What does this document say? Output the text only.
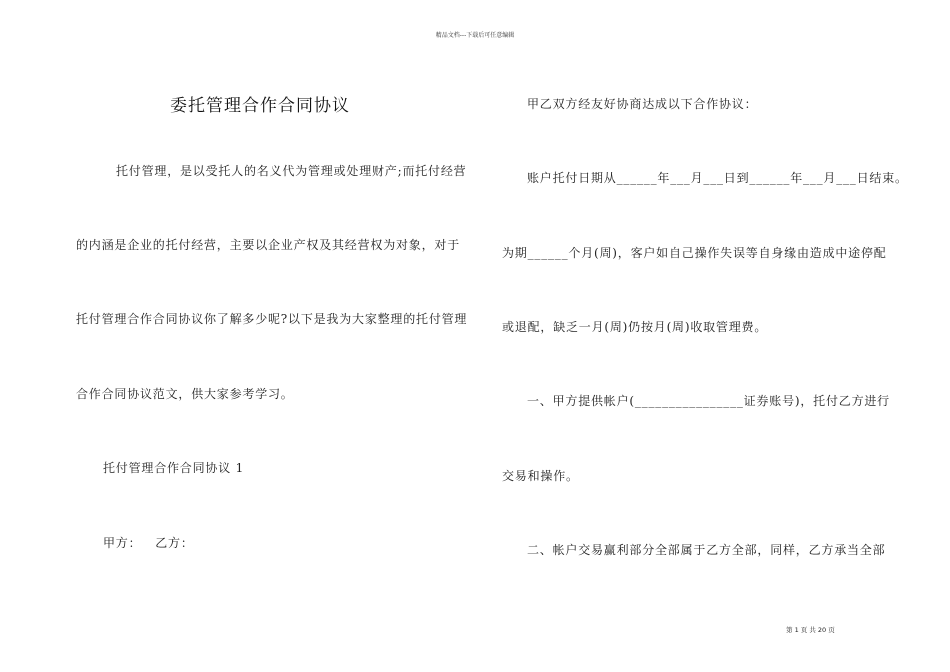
精品文档---下载后可任意编辑
委托管理合作合同协议
托付管理，是以受托人的名义代为管理或处理财产;而托付经营
的内涵是企业的托付经营，主要以企业产权及其经营权为对象，对于
托付管理合作合同协议你了解多少呢?以下是我为大家整理的托付管理
合作合同协议范文，供大家参考学习。
托付管理合作合同协议 1
甲方：   乙方：
甲乙双方经友好协商达成以下合作协议：
账户托付日期从______年___月___日到______年___月___日结束。
为期______个月(周)，客户如自己操作失误等自身缘由造成中途停配
或退配，缺乏一月(周)仍按月(周)收取管理费。
一、甲方提供帐户(________________证券账号)，托付乙方进行
交易和操作。
二、帐户交易赢利部分全部属于乙方全部，同样，乙方承当全部
第 1 页 共 20 页
